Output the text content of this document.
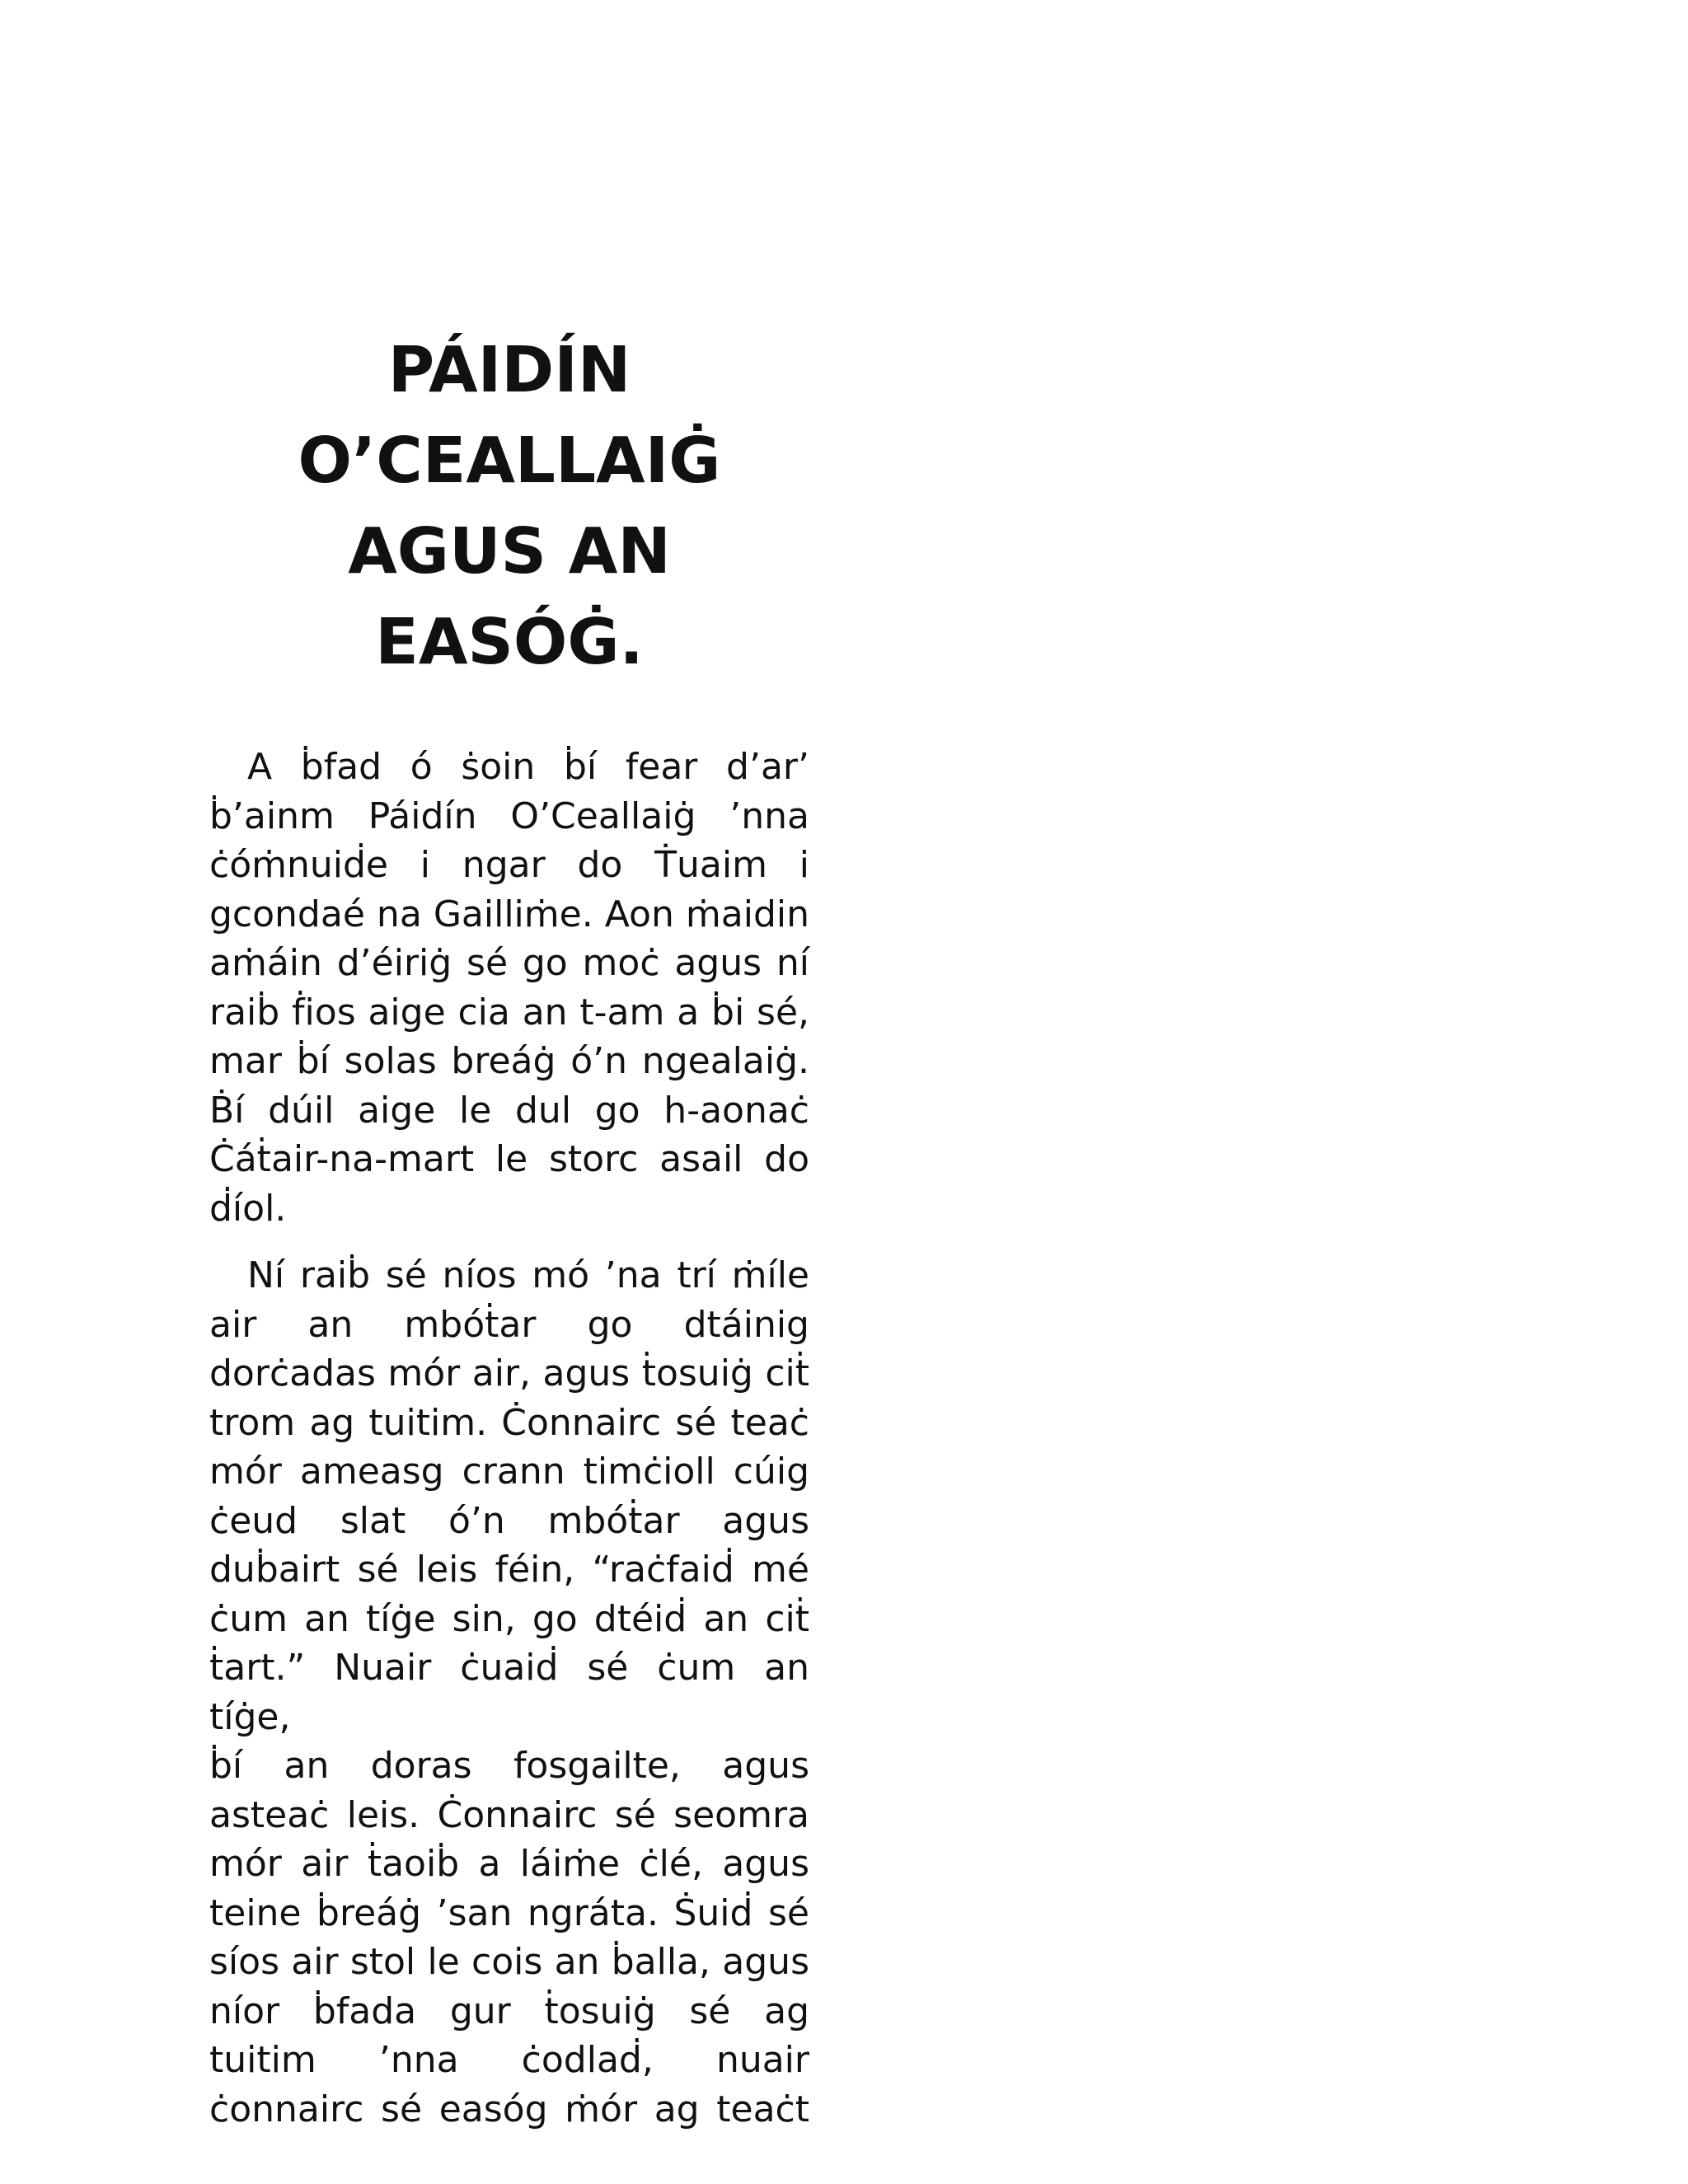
PÁIDÍN
O’CEALLAIĠ
AGUS AN EASÓĠ.
A ḃfad ó ṡoin ḃí fear d’ar’
ḃ’ainm Páidín O’Ceallaiġ ’nna
ċóṁnuiḋe i ngar do Ṫuaim i
gcondaé na Gailliṁe. Aon ṁaidin
aṁáin d’éiriġ sé go moċ agus ní
raiḃ ḟios aige cia an t-am a ḃi sé,
mar ḃí solas breáġ ó’n ngealaiġ.
Ḃí dúil aige le dul go h-aonaċ
Ċáṫair-na-mart le storc asail do
ḋíol.
Ní raiḃ sé níos mó ’na trí ṁíle
air an mbóṫar go dtáinig
dorċadas mór air, agus ṫosuiġ ciṫ
trom ag tuitim. Ċonnairc sé teaċ
mór ameasg crann timċioll cúig
ċeud slat ó’n mbóṫar agus
duḃairt sé leis féin, “raċfaiḋ mé
ċum an tíġe sin, go dtéiḋ an ciṫ
ṫart.” Nuair ċuaiḋ sé ċum an tíġe,
ḃí an doras fosgailte, agus
asteaċ leis. Ċonnairc sé seomra
mór air ṫaoiḃ a láiṁe ċlé, agus
teine ḃreáġ ’san ngráta. Ṡuiḋ sé
síos air stol le cois an ḃalla, agus
níor ḃfada gur ṫosuiġ sé ag
tuitim ’nna ċodlaḋ, nuair
ċonnairc sé easóg ṁór ag teaċt
